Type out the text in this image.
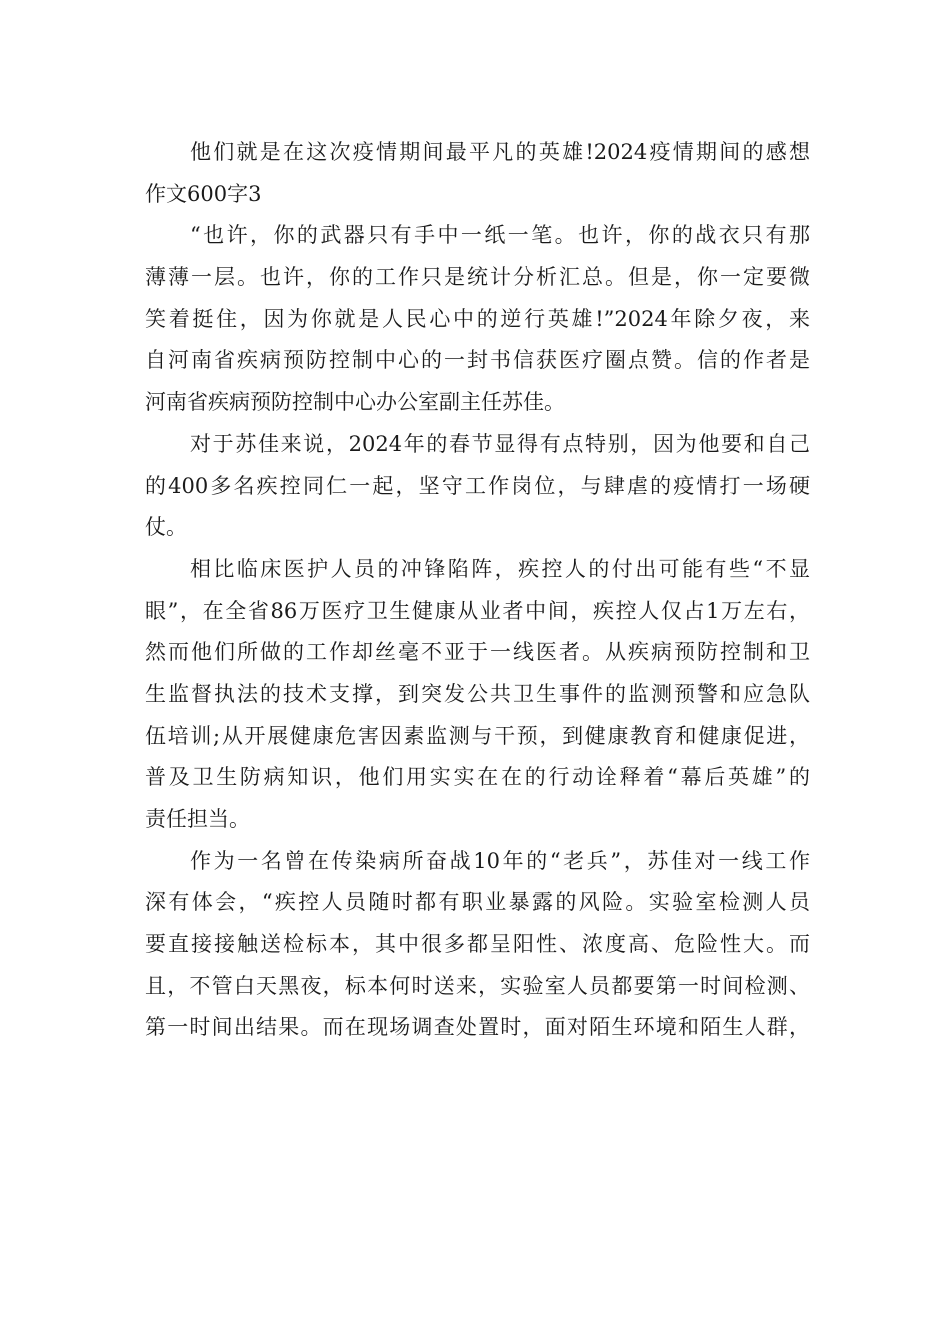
他们就是在这次疫情期间最平凡的英雄!2024疫情期间的感想
作文600字3
“也许，你的武器只有手中一纸一笔。也许，你的战衣只有那
薄薄一层。也许，你的工作只是统计分析汇总。但是，你一定要微
笑着挺住，因为你就是人民心中的逆行英雄!”2024年除夕夜，来
自河南省疾病预防控制中心的一封书信获医疗圈点赞。信的作者是
河南省疾病预防控制中心办公室副主任苏佳。
对于苏佳来说，2024年的春节显得有点特别，因为他要和自己
的400多名疾控同仁一起，坚守工作岗位，与肆虐的疫情打一场硬
仗。
相比临床医护人员的冲锋陷阵，疾控人的付出可能有些“不显
眼”，在全省86万医疗卫生健康从业者中间，疾控人仅占1万左右，
然而他们所做的工作却丝毫不亚于一线医者。从疾病预防控制和卫
生监督执法的技术支撑，到突发公共卫生事件的监测预警和应急队
伍培训;从开展健康危害因素监测与干预，到健康教育和健康促进，
普及卫生防病知识，他们用实实在在的行动诠释着“幕后英雄”的
责任担当。
作为一名曾在传染病所奋战10年的“老兵”，苏佳对一线工作
深有体会，“疾控人员随时都有职业暴露的风险。实验室检测人员
要直接接触送检标本，其中很多都呈阳性、浓度高、危险性大。而
且，不管白天黑夜，标本何时送来，实验室人员都要第一时间检测、
第一时间出结果。而在现场调查处置时，面对陌生环境和陌生人群，
